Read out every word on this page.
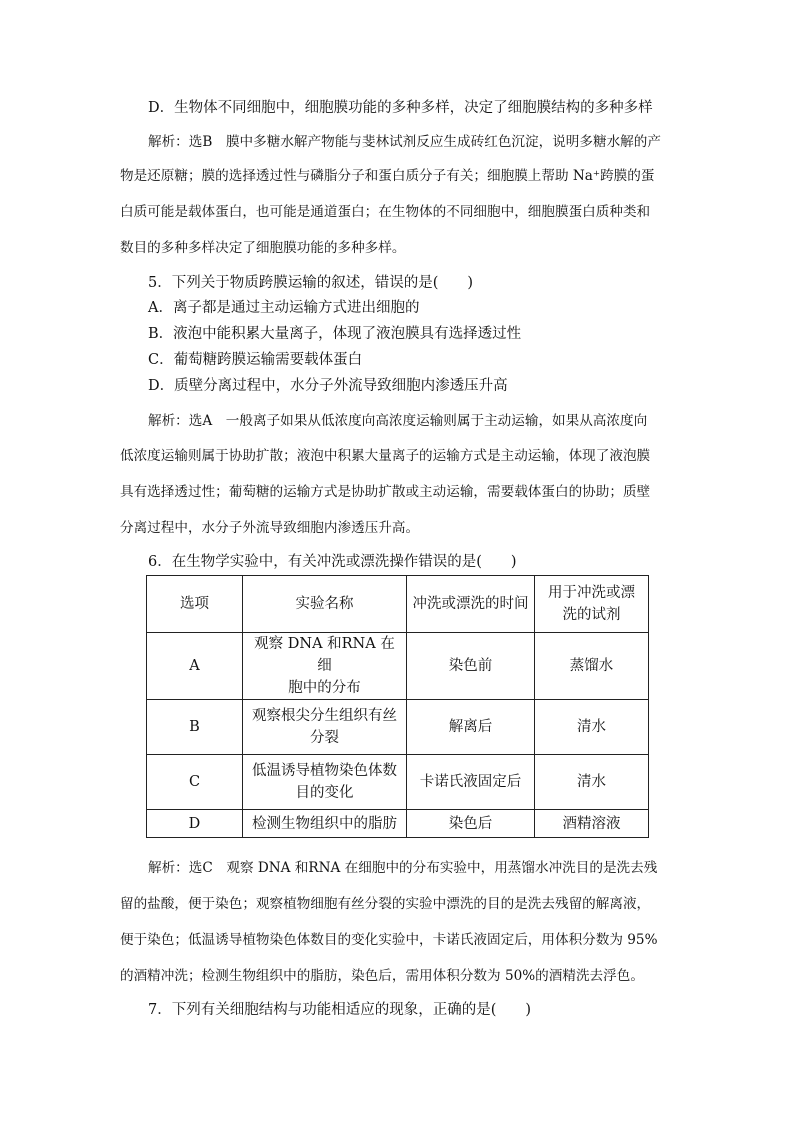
D．生物体不同细胞中，细胞膜功能的多种多样，决定了细胞膜结构的多种多样
解析：选B　膜中多糖水解产物能与斐林试剂反应生成砖红色沉淀，说明多糖水解的产
物是还原糖；膜的选择透过性与磷脂分子和蛋白质分子有关；细胞膜上帮助 Na⁺跨膜的蛋
白质可能是载体蛋白，也可能是通道蛋白；在生物体的不同细胞中，细胞膜蛋白质种类和
数目的多种多样决定了细胞膜功能的多种多样。
5．下列关于物质跨膜运输的叙述，错误的是(　　)
A．离子都是通过主动运输方式进出细胞的
B．液泡中能积累大量离子，体现了液泡膜具有选择透过性
C．葡萄糖跨膜运输需要载体蛋白
D．质壁分离过程中，水分子外流导致细胞内渗透压升高
解析：选A　一般离子如果从低浓度向高浓度运输则属于主动运输，如果从高浓度向
低浓度运输则属于协助扩散；液泡中积累大量离子的运输方式是主动运输，体现了液泡膜
具有选择透过性；葡萄糖的运输方式是协助扩散或主动运输，需要载体蛋白的协助；质壁
分离过程中，水分子外流导致细胞内渗透压升高。
6．在生物学实验中，有关冲洗或漂洗操作错误的是(　　)
选项	实验名称	冲洗或漂洗的时间	用于冲洗或漂
洗的试剂
A	观察 DNA 和RNA 在细
胞中的分布	染色前	蒸馏水
B	观察根尖分生组织有丝
分裂	解离后	清水
C	低温诱导植物染色体数
目的变化	卡诺氏液固定后	清水
D	检测生物组织中的脂肪	染色后	酒精溶液
解析：选C　观察 DNA 和RNA 在细胞中的分布实验中，用蒸馏水冲洗目的是洗去残
留的盐酸，便于染色；观察植物细胞有丝分裂的实验中漂洗的目的是洗去残留的解离液，
便于染色；低温诱导植物染色体数目的变化实验中，卡诺氏液固定后，用体积分数为 95%
的酒精冲洗；检测生物组织中的脂肪，染色后，需用体积分数为 50%的酒精洗去浮色。
7．下列有关细胞结构与功能相适应的现象，正确的是(　　)
